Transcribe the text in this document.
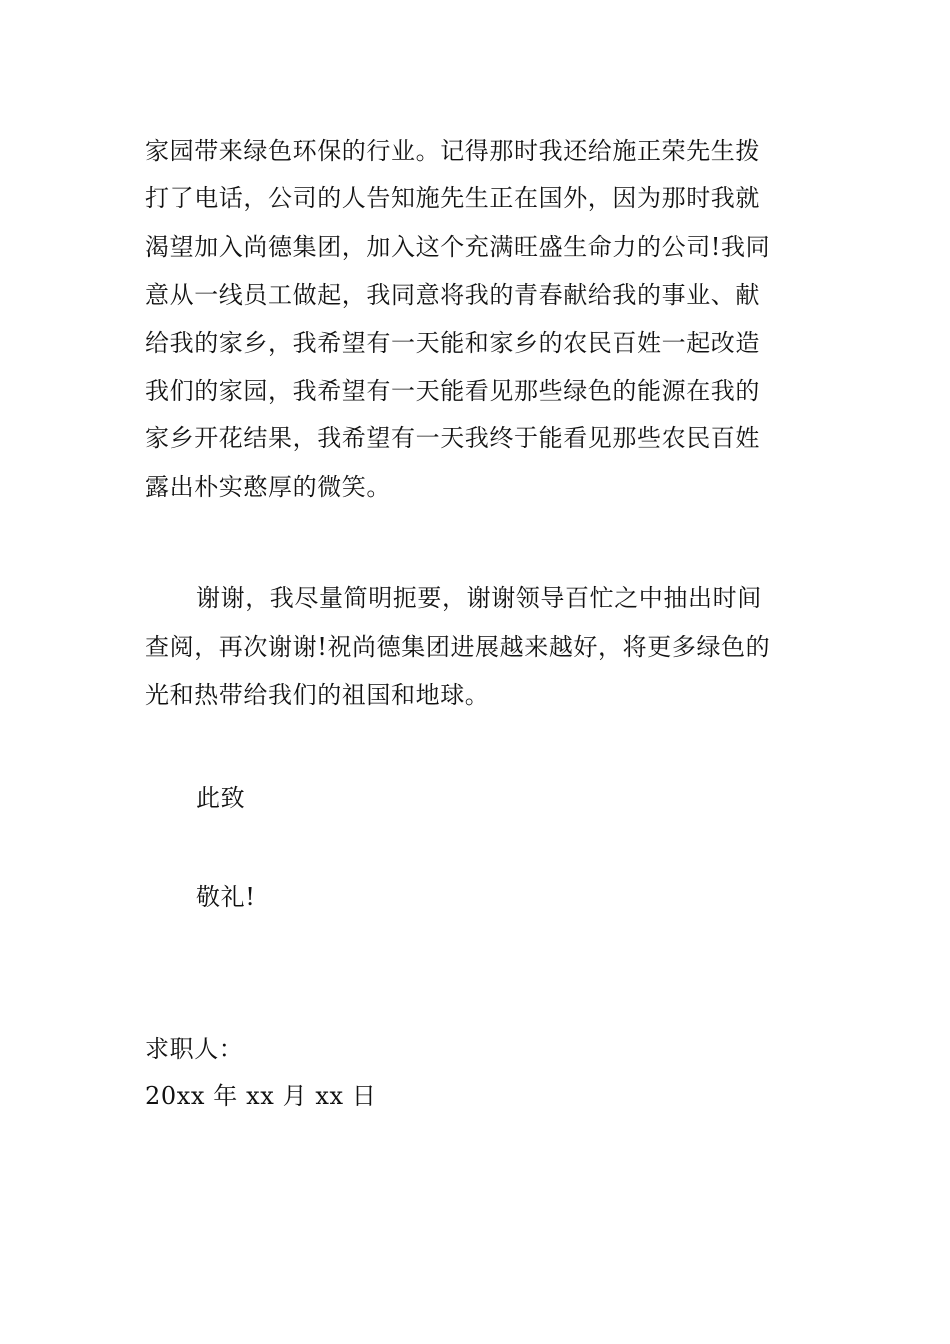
家园带来绿色环保的行业。记得那时我还给施正荣先生拨
打了电话，公司的人告知施先生正在国外，因为那时我就
渴望加入尚德集团，加入这个充满旺盛生命力的公司!我同
意从一线员工做起，我同意将我的青春献给我的事业、献
给我的家乡，我希望有一天能和家乡的农民百姓一起改造
我们的家园，我希望有一天能看见那些绿色的能源在我的
家乡开花结果，我希望有一天我终于能看见那些农民百姓
露出朴实憨厚的微笑。
谢谢，我尽量简明扼要，谢谢领导百忙之中抽出时间
查阅，再次谢谢!祝尚德集团进展越来越好，将更多绿色的
光和热带给我们的祖国和地球。
此致
敬礼!
求职人：
20xx 年 xx 月 xx 日
